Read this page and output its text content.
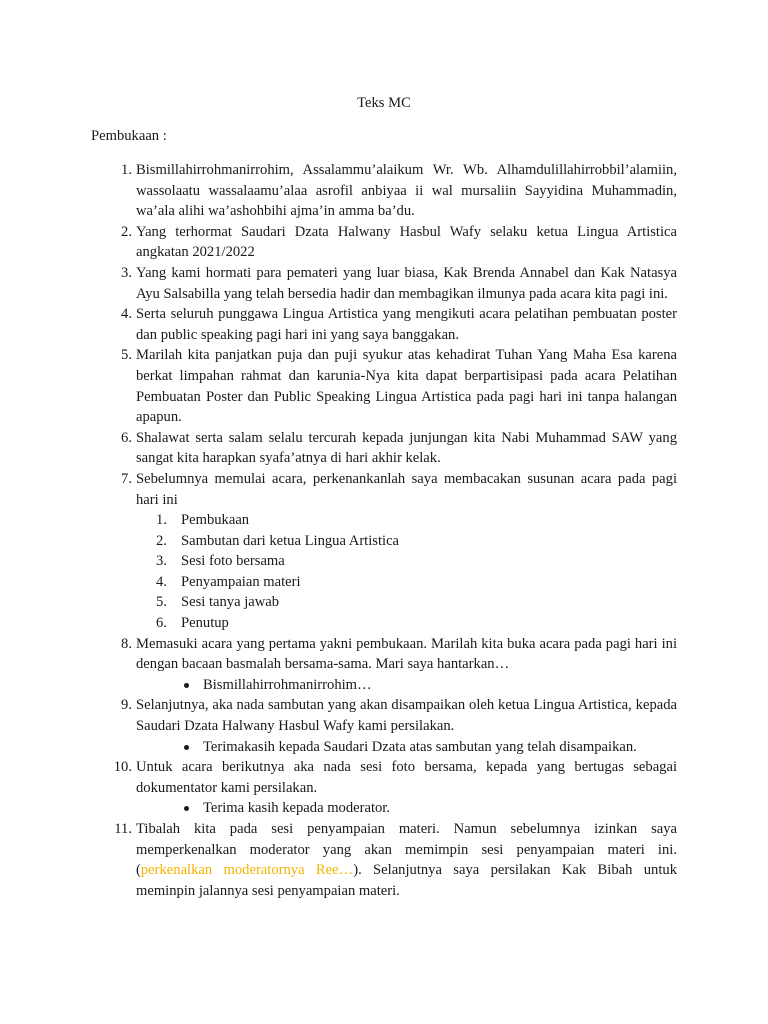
Teks MC
Pembukaan :
1. Bismillahirrohmanirrohim, Assalammu’alaikum Wr. Wb. Alhamdulillahirrobbil’alamiin, wassolaatu wassalaamu’alaa asrofil anbiyaa ii wal mursaliin Sayyidina Muhammadin, wa’ala alihi wa’ashohbihi ajma’in amma ba’du.
2. Yang terhormat Saudari Dzata Halwany Hasbul Wafy selaku ketua Lingua Artistica angkatan 2021/2022
3. Yang kami hormati para pemateri yang luar biasa, Kak Brenda Annabel dan Kak Natasya Ayu Salsabilla yang telah bersedia hadir dan membagikan ilmunya pada acara kita pagi ini.
4. Serta seluruh punggawa Lingua Artistica yang mengikuti acara pelatihan pembuatan poster dan public speaking pagi hari ini yang saya banggakan.
5. Marilah kita panjatkan puja dan puji syukur atas kehadirat Tuhan Yang Maha Esa karena berkat limpahan rahmat dan karunia-Nya kita dapat berpartisipasi pada acara Pelatihan Pembuatan Poster dan Public Speaking Lingua Artistica pada pagi hari ini tanpa halangan apapun.
6. Shalawat serta salam selalu tercurah kepada junjungan kita Nabi Muhammad SAW yang sangat kita harapkan syafa’atnya di hari akhir kelak.
7. Sebelumnya memulai acara, perkenankanlah saya membacakan susunan acara pada pagi hari ini
1. Pembukaan
2. Sambutan dari ketua Lingua Artistica
3. Sesi foto bersama
4. Penyampaian materi
5. Sesi tanya jawab
6. Penutup
8. Memasuki acara yang pertama yakni pembukaan. Marilah kita buka acara pada pagi hari ini dengan bacaan basmalah bersama-sama. Mari saya hantarkan…
Bismillahirrohmanirrohim…
9. Selanjutnya, aka nada sambutan yang akan disampaikan oleh ketua Lingua Artistica, kepada Saudari Dzata Halwany Hasbul Wafy kami persilakan.
Terimakasih kepada Saudari Dzata atas sambutan yang telah disampaikan.
10. Untuk acara berikutnya aka nada sesi foto bersama, kepada yang bertugas sebagai dokumentator kami persilakan.
Terima kasih kepada moderator.
11. Tibalah kita pada sesi penyampaian materi. Namun sebelumnya izinkan saya memperkenalkan moderator yang akan memimpin sesi penyampaian materi ini. (perkenalkan moderatornya Ree…). Selanjutnya saya persilakan Kak Bibah untuk meminpin jalannya sesi penyampaian materi.
